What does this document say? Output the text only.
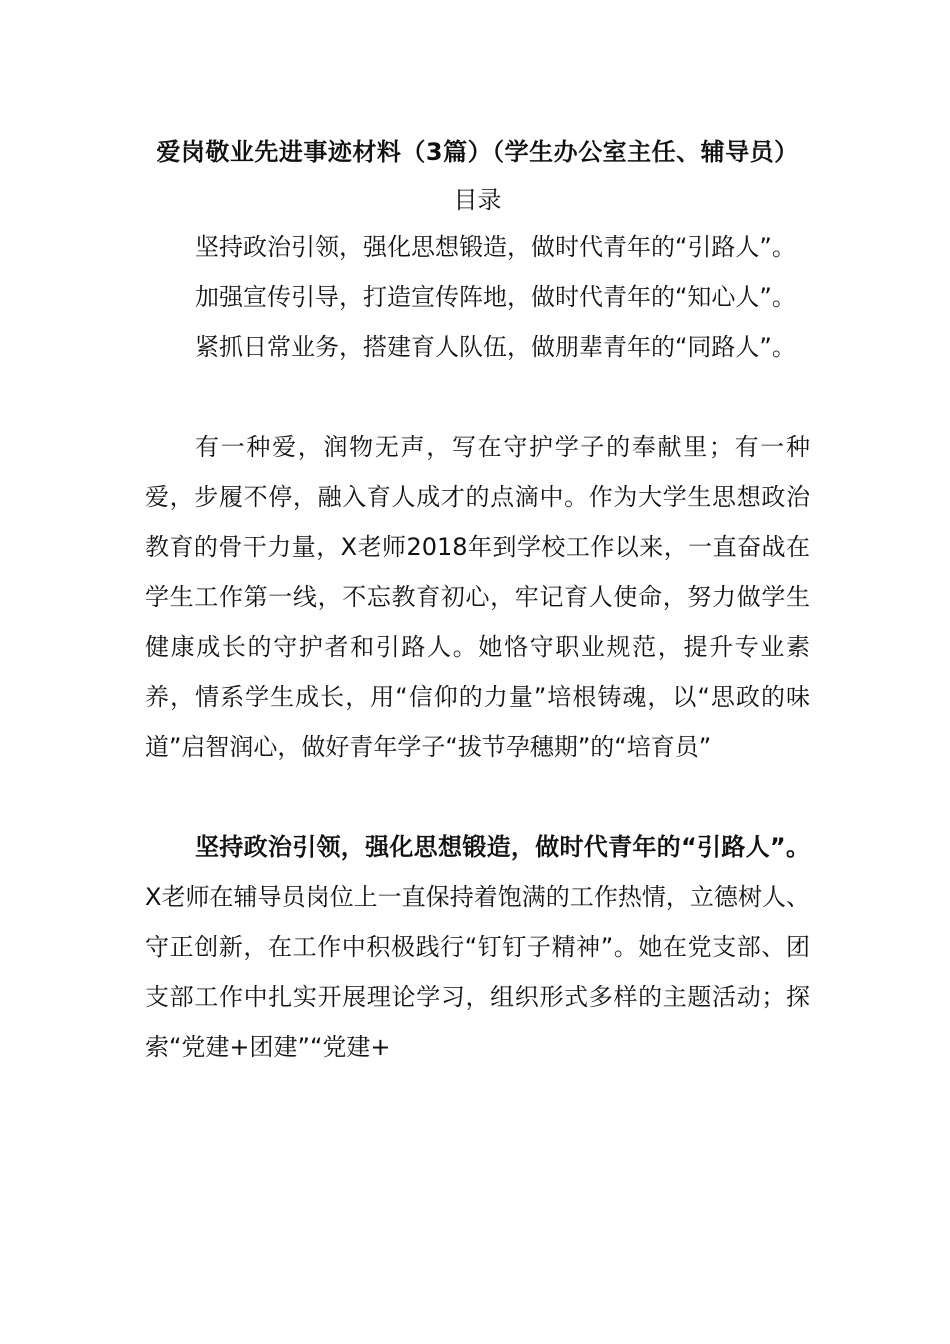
爱岗敬业先进事迹材料（3篇）（学生办公室主任、辅导员）
目录
坚持政治引领，强化思想锻造，做时代青年的“引路人”。
加强宣传引导，打造宣传阵地，做时代青年的“知心人”。
紧抓日常业务，搭建育人队伍，做朋辈青年的“同路人”。

有一种爱，润物无声，写在守护学子的奉献里；有一种爱，步履不停，融入育人成才的点滴中。作为大学生思想政治教育的骨干力量，X老师2018年到学校工作以来，一直奋战在学生工作第一线，不忘教育初心，牢记育人使命，努力做学生健康成长的守护者和引路人。她恪守职业规范，提升专业素养，情系学生成长，用“信仰的力量”培根铸魂，以“思政的味道”启智润心，做好青年学子“拔节孕穗期”的“培育员”

坚持政治引领，强化思想锻造，做时代青年的“引路人”。X老师在辅导员岗位上一直保持着饱满的工作热情，立德树人、守正创新，在工作中积极践行“钉钉子精神”。她在党支部、团支部工作中扎实开展理论学习，组织形式多样的主题活动；探索“党建+团建”“党建+
